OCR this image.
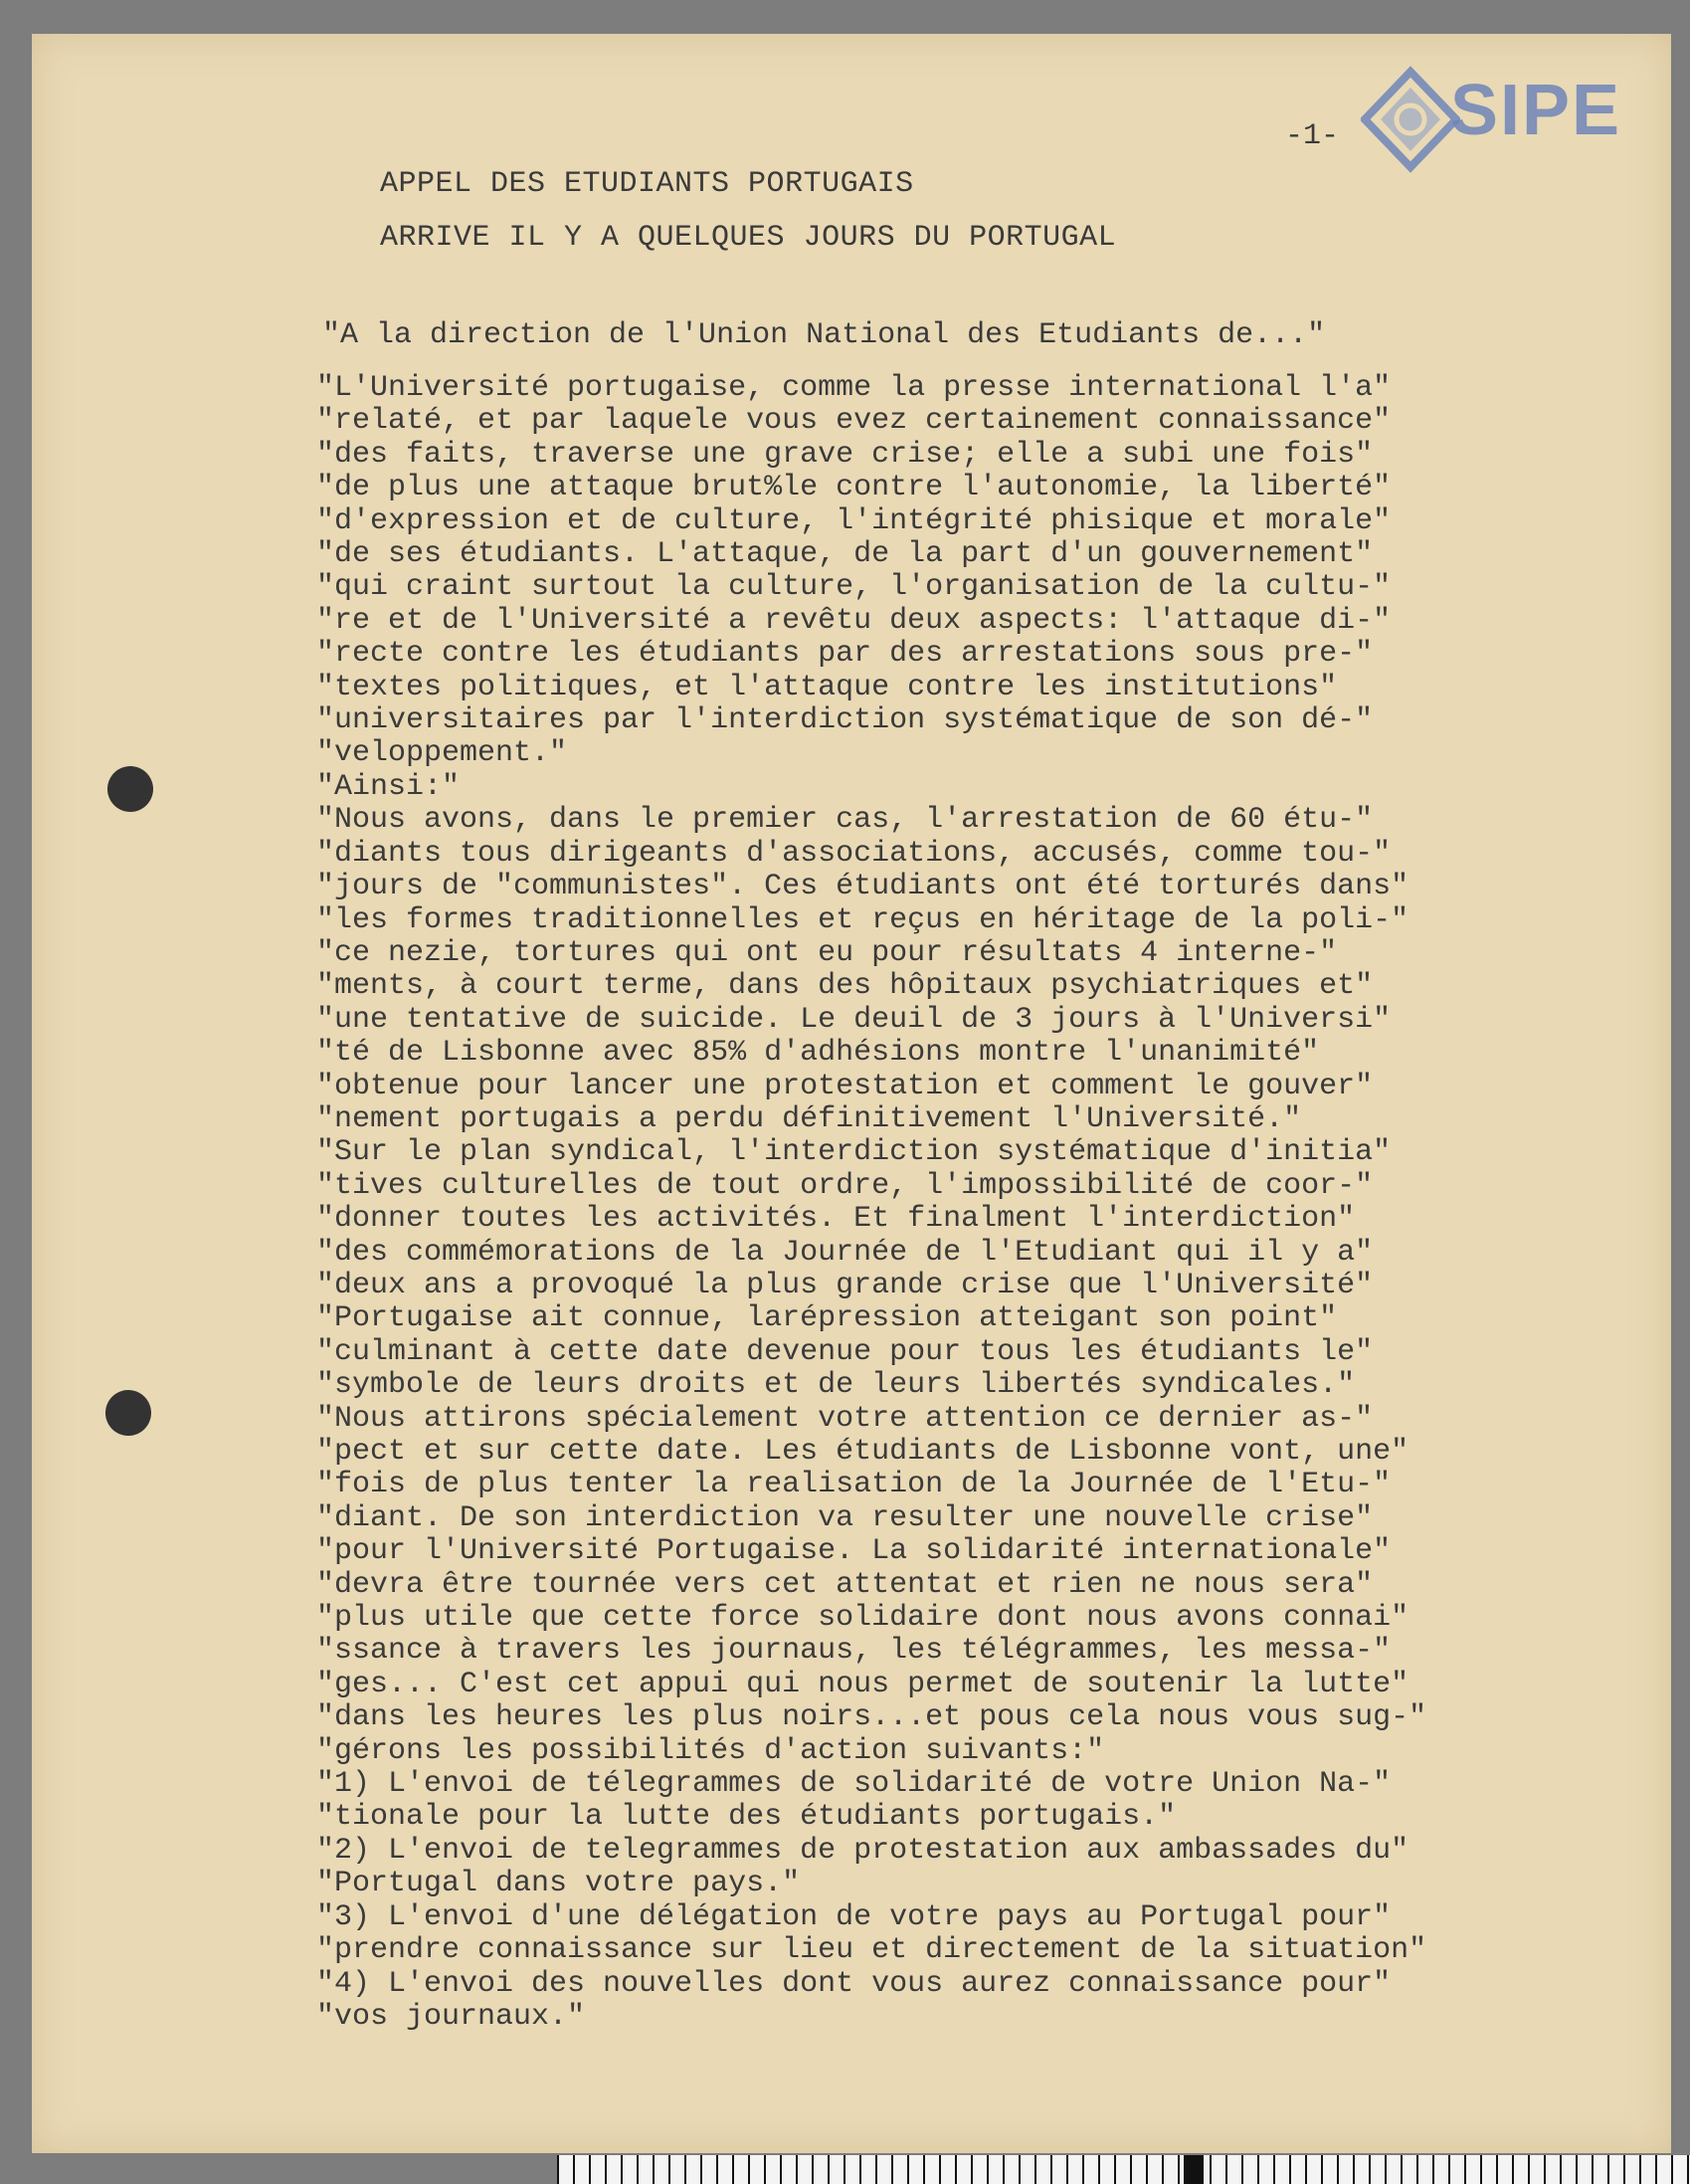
SIPE
-1-
APPEL DES ETUDIANTS PORTUGAIS
ARRIVE IL Y A QUELQUES JOURS DU PORTUGAL
"A la direction de l'Union National des Etudiants de..."
"L'Université portugaise, comme la presse international l'a"
"relaté, et par laquele vous evez certainement connaissance"
"des faits, traverse une grave crise; elle a subi une fois"
"de plus une attaque brut%le contre l'autonomie, la liberté"
"d'expression et de culture, l'intégrité phisique et morale"
"de ses étudiants. L'attaque, de la part d'un gouvernement"
"qui craint surtout la culture, l'organisation de la cultu-"
"re et de l'Université a revêtu deux aspects: l'attaque di-"
"recte contre les étudiants par des arrestations sous pre-"
"textes politiques, et l'attaque contre les institutions"
"universitaires par l'interdiction systématique de son dé-"
"veloppement."
"Ainsi:"
"Nous avons, dans le premier cas, l'arrestation de 60 étu-"
"diants tous dirigeants d'associations, accusés, comme tou-"
"jours de "communistes". Ces étudiants ont été torturés dans"
"les formes traditionnelles et reçus en héritage de la poli-"
"ce nezie, tortures qui ont eu pour résultats 4 interne-"
"ments, à court terme, dans des hôpitaux psychiatriques et"
"une tentative de suicide. Le deuil de 3 jours à l'Universi"
"té de Lisbonne avec 85% d'adhésions montre l'unanimité"
"obtenue pour lancer une protestation et comment le gouver"
"nement portugais a perdu définitivement l'Université."
"Sur le plan syndical, l'interdiction systématique d'initia"
"tives culturelles de tout ordre, l'impossibilité de coor-"
"donner toutes les activités. Et finalment l'interdiction"
"des commémorations de la Journée de l'Etudiant qui il y a"
"deux ans a provoqué la plus grande crise que l'Université"
"Portugaise ait connue, larépression atteigant son point"
"culminant à cette date devenue pour tous les étudiants le"
"symbole de leurs droits et de leurs libertés syndicales."
"Nous attirons spécialement votre attention ce dernier as-"
"pect et sur cette date. Les étudiants de Lisbonne vont, une"
"fois de plus tenter la realisation de la Journée de l'Etu-"
"diant. De son interdiction va resulter une nouvelle crise"
"pour l'Université Portugaise. La solidarité internationale"
"devra être tournée vers cet attentat et rien ne nous sera"
"plus utile que cette force solidaire dont nous avons connai"
"ssance à travers les journaus, les télégrammes, les messa-"
"ges... C'est cet appui qui nous permet de soutenir la lutte"
"dans les heures les plus noirs...et pous cela nous vous sug-"
"gérons les possibilités d'action suivants:"
"1) L'envoi de télegrammes de solidarité de votre Union Na-"
"tionale pour la lutte des étudiants portugais."
"2) L'envoi de telegrammes de protestation aux ambassades du"
"Portugal dans votre pays."
"3) L'envoi d'une délégation de votre pays au Portugal pour"
"prendre connaissance sur lieu et directement de la situation"
"4) L'envoi des nouvelles dont vous aurez connaissance pour"
"vos journaux."
